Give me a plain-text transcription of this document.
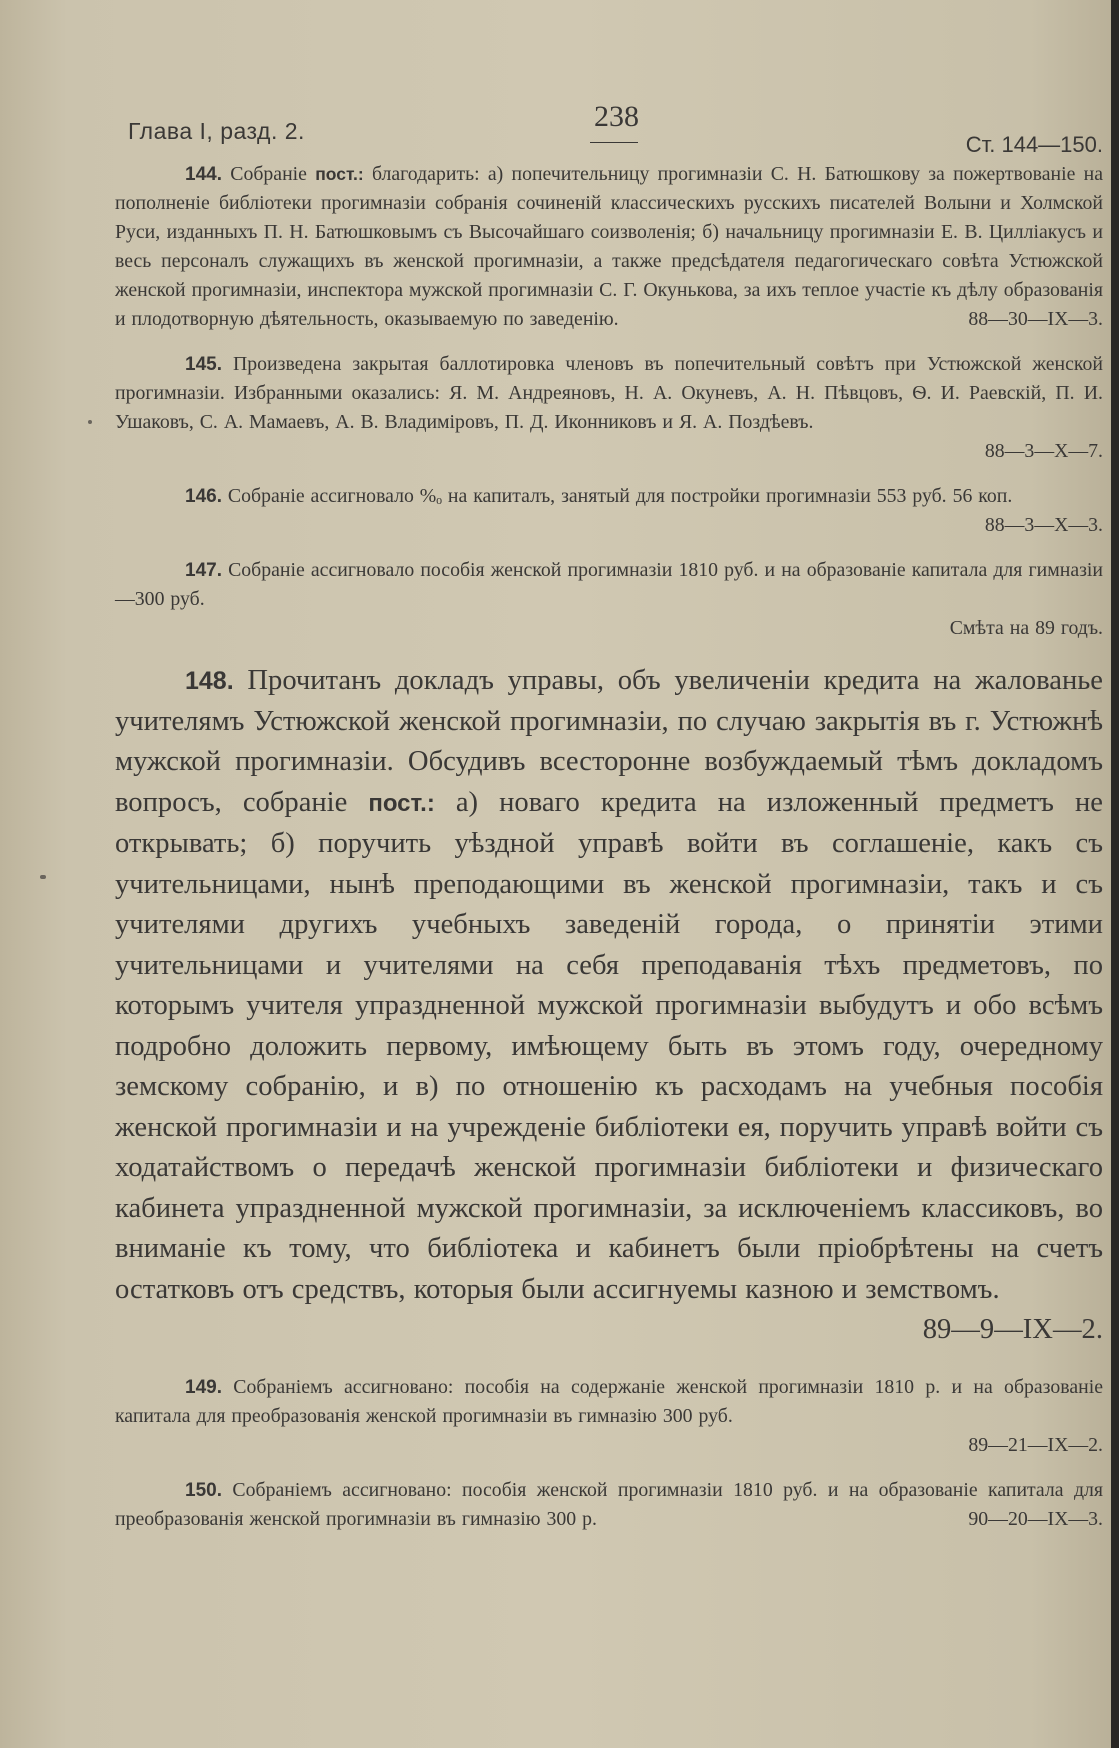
Глава I, разд. 2.	238
Ст. 144—150.

144. Собраніе пост.: благодарить: а) попечительницу прогимназіи С. Н. Батюшкову за пожертвованіе на пополненіе библіотеки прогимназіи собранія сочиненій классическихъ русскихъ писателей Волыни и Холмской Руси, изданныхъ П. Н. Батюшковымъ съ Высочайшаго соизволенія; б) начальницу прогимназіи Е. В. Цилліакусъ и весь персоналъ служащихъ въ женской прогимназіи, а также предсѣдателя педагогическаго совѣта Устюжской женской прогимназіи, инспектора мужской прогимназіи С. Г. Окунькова, за ихъ теплое участіе къ дѣлу образованія и плодотворную дѣятельность, оказываемую по заведенію.	88—30—IX—3.

145. Произведена закрытая баллотировка членовъ въ попечительный совѣтъ при Устюжской женской прогимназіи. Избранными оказались: Я. М. Андреяновъ, Н. А. Окуневъ, А. Н. Пѣвцовъ, Ѳ. И. Раевскій, П. И. Ушаковъ, С. А. Мамаевъ, А. В. Владиміровъ, П. Д. Иконниковъ и Я. А. Поздѣевъ.
88—3—X—7.

146. Собраніе ассигновало %ₒ на капиталъ, занятый для постройки прогимназіи 553 руб. 56 коп.
88—3—X—3.

147. Собраніе ассигновало пособія женской прогимназіи 1810 руб. и на образованіе капитала для гимназіи—300 руб.
Смѣта на 89 годъ.

148. Прочитанъ докладъ управы, объ увеличеніи кредита на жалованье учителямъ Устюжской женской прогимназіи, по случаю закрытія въ г. Устюжнѣ мужской прогимназіи. Обсудивъ всесторонне возбуждаемый тѣмъ докладомъ вопросъ, собраніе пост.: а) новаго кредита на изложенный предметъ не открывать; б) поручить уѣздной управѣ войти въ соглашеніе, какъ съ учительницами, нынѣ преподающими въ женской прогимназіи, такъ и съ учителями другихъ учебныхъ заведеній города, о принятіи этими учительницами и учителями на себя преподаванія тѣхъ предметовъ, по которымъ учителя упраздненной мужской прогимназіи выбудутъ и обо всѣмъ подробно доложить первому, имѣющему быть въ этомъ году, очередному земскому собранію, и в) по отношенію къ расходамъ на учебныя пособія женской прогимназіи и на учрежденіе библіотеки ея, поручить управѣ войти съ ходатайствомъ о передачѣ женской прогимназіи библіотеки и физическаго кабинета упраздненной мужской прогимназіи, за исключеніемъ классиковъ, во вниманіе къ тому, что библіотека и кабинетъ были пріобрѣтены на счетъ остатковъ отъ средствъ, которыя были ассигнуемы казною и земствомъ.
89—9—IX—2.

149. Собраніемъ ассигновано: пособія на содержаніе женской прогимназіи 1810 р. и на образованіе капитала для преобразованія женской прогимназіи въ гимназію 300 руб.
89—21—IX—2.

150. Собраніемъ ассигновано: пособія женской прогимназіи 1810 руб. и на образованіе капитала для преобразованія женской прогимназіи въ гимназію 300 р.	90—20—IX—3.
